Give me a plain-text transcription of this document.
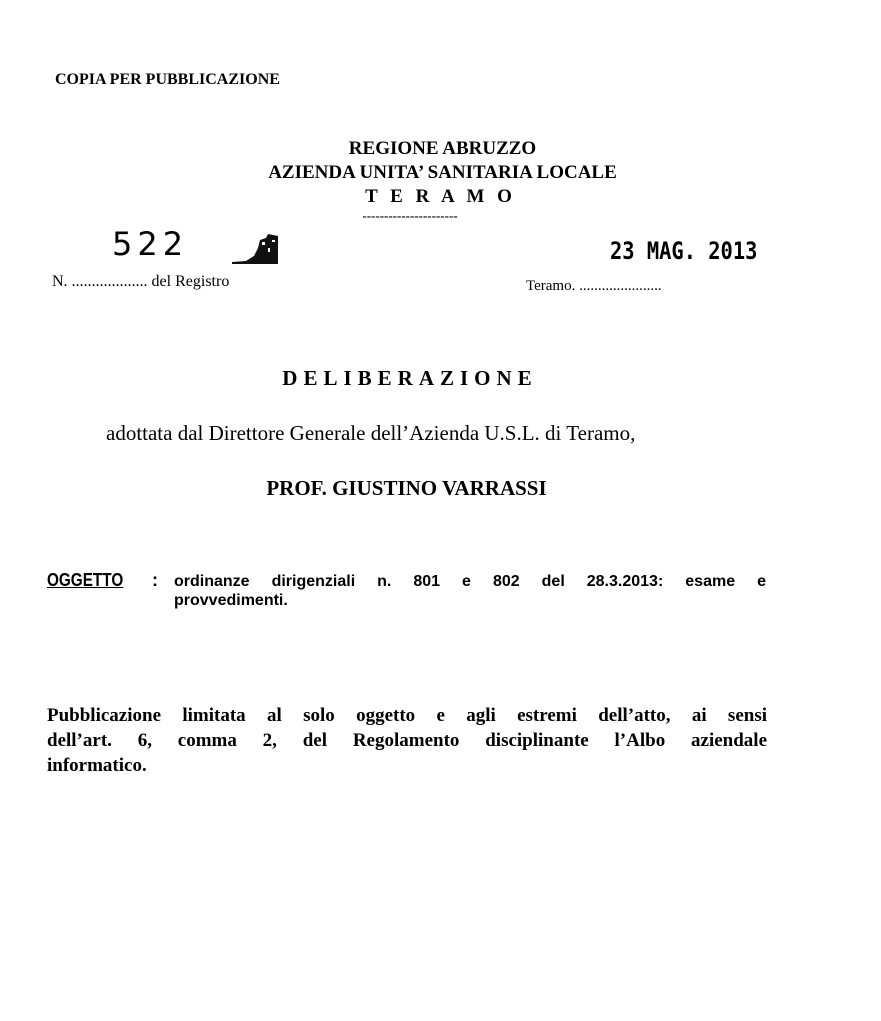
COPIA PER PUBBLICAZIONE
REGIONE ABRUZZO
AZIENDA UNITA’ SANITARIA LOCALE
T E R A M O
----------------------
522
N. ................... del Registro
23 MAG. 2013
Teramo. ......................
DELIBERAZIONE
adottata dal Direttore Generale dell’Azienda U.S.L. di Teramo,
PROF. GIUSTINO VARRASSI
OGGETTO : ordinanze dirigenziali n. 801 e 802 del 28.3.2013: esame e
provvedimenti.
Pubblicazione limitata al solo oggetto e agli estremi dell’atto, ai sensi
dell’art. 6, comma 2, del Regolamento disciplinante l’Albo aziendale
informatico.
